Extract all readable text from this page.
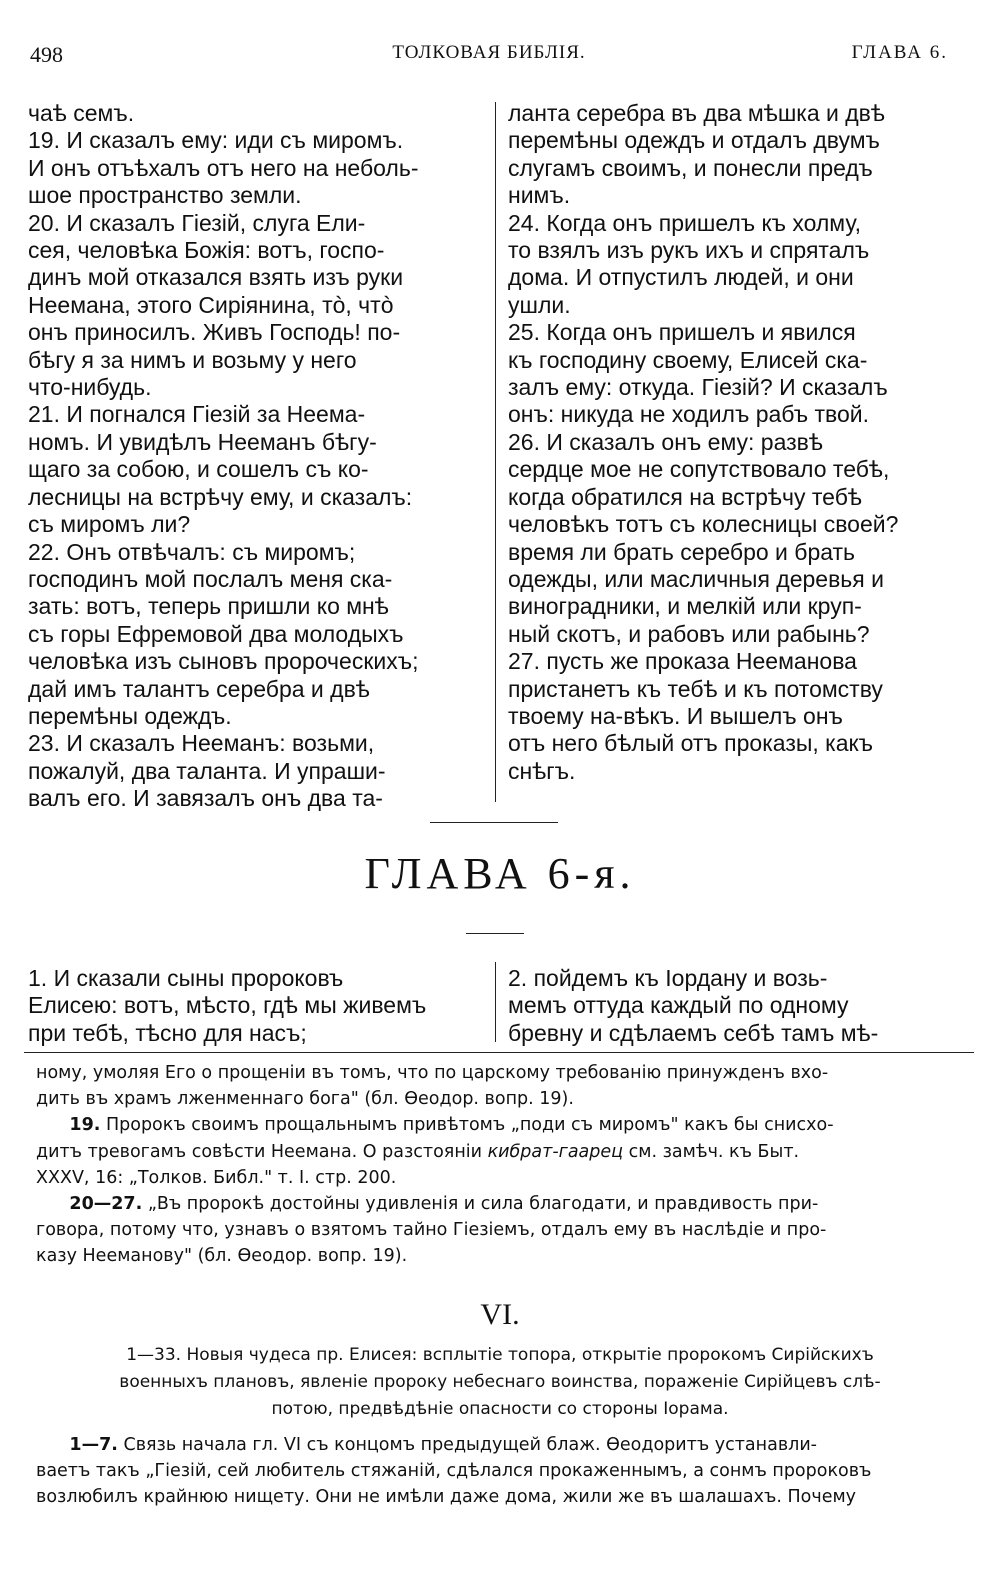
498	ТОЛКОВАЯ БИБЛІЯ.	ГЛАВА 6.

чаѣ семъ.

19. И сказалъ ему: иди съ миромъ.

И онъ отъѣхалъ отъ него на неболь-

шое пространство земли.

20. И сказалъ Гіезій, слуга Ели-

сея, человѣка Божія: вотъ, госпо-

динъ мой отказался взять изъ руки

Неемана, этого Сиріянина, тò, чтò

онъ приносилъ. Живъ Господь! по-

бѣгу я за нимъ и возьму у него

что-нибудь.

21. И погнался Гіезій за Неема-

номъ. И увидѣлъ Нееманъ бѣгу-

щаго за собою, и сошелъ съ ко-

лесницы на встрѣчу ему, и сказалъ:

съ миромъ ли?

22. Онъ отвѣчалъ: съ миромъ;

господинъ мой послалъ меня ска-

зать: вотъ, теперь пришли ко мнѣ

съ горы Ефремовой два молодыхъ

человѣка изъ сыновъ пророческихъ;

дай имъ талантъ серебра и двѣ

перемѣны одеждъ.

23. И сказалъ Нееманъ: возьми,

пожалуй, два таланта. И упраши-

валъ его. И завязалъ онъ два та-

ланта серебра въ два мѣшка и двѣ

перемѣны одеждъ и отдалъ двумъ

слугамъ своимъ, и понесли предъ

нимъ.

24. Когда онъ пришелъ къ холму,

то взялъ изъ рукъ ихъ и спряталъ

дома. И отпустилъ людей, и они

ушли.

25. Когда онъ пришелъ и явился

къ господину своему, Елисей ска-

залъ ему: откуда. Гіезій? И сказалъ

онъ: никуда не ходилъ рабъ твой.

26. И сказалъ онъ ему: развѣ

сердце мое не сопутствовало тебѣ,

когда обратился на встрѣчу тебѣ

человѣкъ тотъ съ колесницы своей?

время ли брать серебро и брать

одежды, или масличныя деревья и

виноградники, и мелкій или круп-

ный скотъ, и рабовъ или рабынь?

27. пусть же проказа Нееманова

пристанетъ къ тебѣ и къ потомству

твоему на-вѣкъ. И вышелъ онъ

отъ него бѣлый отъ проказы, какъ

снѣгъ.

ГЛАВА 6-я.

1. И сказали сыны пророковъ

Елисею: вотъ, мѣсто, гдѣ мы живемъ

при тебѣ, тѣсно для насъ;

2. пойдемъ къ Іордану и возь-

мемъ оттуда каждый по одному

бревну и сдѣлаемъ себѣ тамъ мѣ-

ному, умоляя Его о прощеніи въ томъ, что по царскому требованію принужденъ вхо-

дить въ храмъ лженменнаго бога" (бл. Ѳеодор. вопр. 19).

19. Пророкъ своимъ прощальнымъ привѣтомъ „поди съ миромъ" какъ бы снисхо-

дитъ тревогамъ совѣсти Неемана. О разстояніи кибрат-гаарец см. замѣч. къ Быт.

XXXV, 16: „Толков. Библ." т. I. стр. 200.

20—27. „Въ пророкѣ достойны удивленія и сила благодати, и правдивость при-

говора, потому что, узнавъ о взятомъ тайно Гіезіемъ, отдалъ ему въ наслѣдіе и про-

казу Нееманову" (бл. Ѳеодор. вопр. 19).

VI.

1—33. Новыя чудеса пр. Елисея: всплытіе топора, открытіе пророкомъ Сирійскихъ

военныхъ плановъ, явленіе пророку небеснаго воинства, пораженіе Сирійцевъ слѣ-

потою, предвѣдѣніе опасности со стороны Іорама.

1—7. Связь начала гл. VI съ концомъ предыдущей блаж. Ѳеодоритъ устанавли-

ваетъ такъ „Гіезій, сей любитель стяжаній, сдѣлался прокаженнымъ, а сонмъ пророковъ

возлюбилъ крайнюю нищету. Они не имѣли даже дома, жили же въ шалашахъ. Почему
